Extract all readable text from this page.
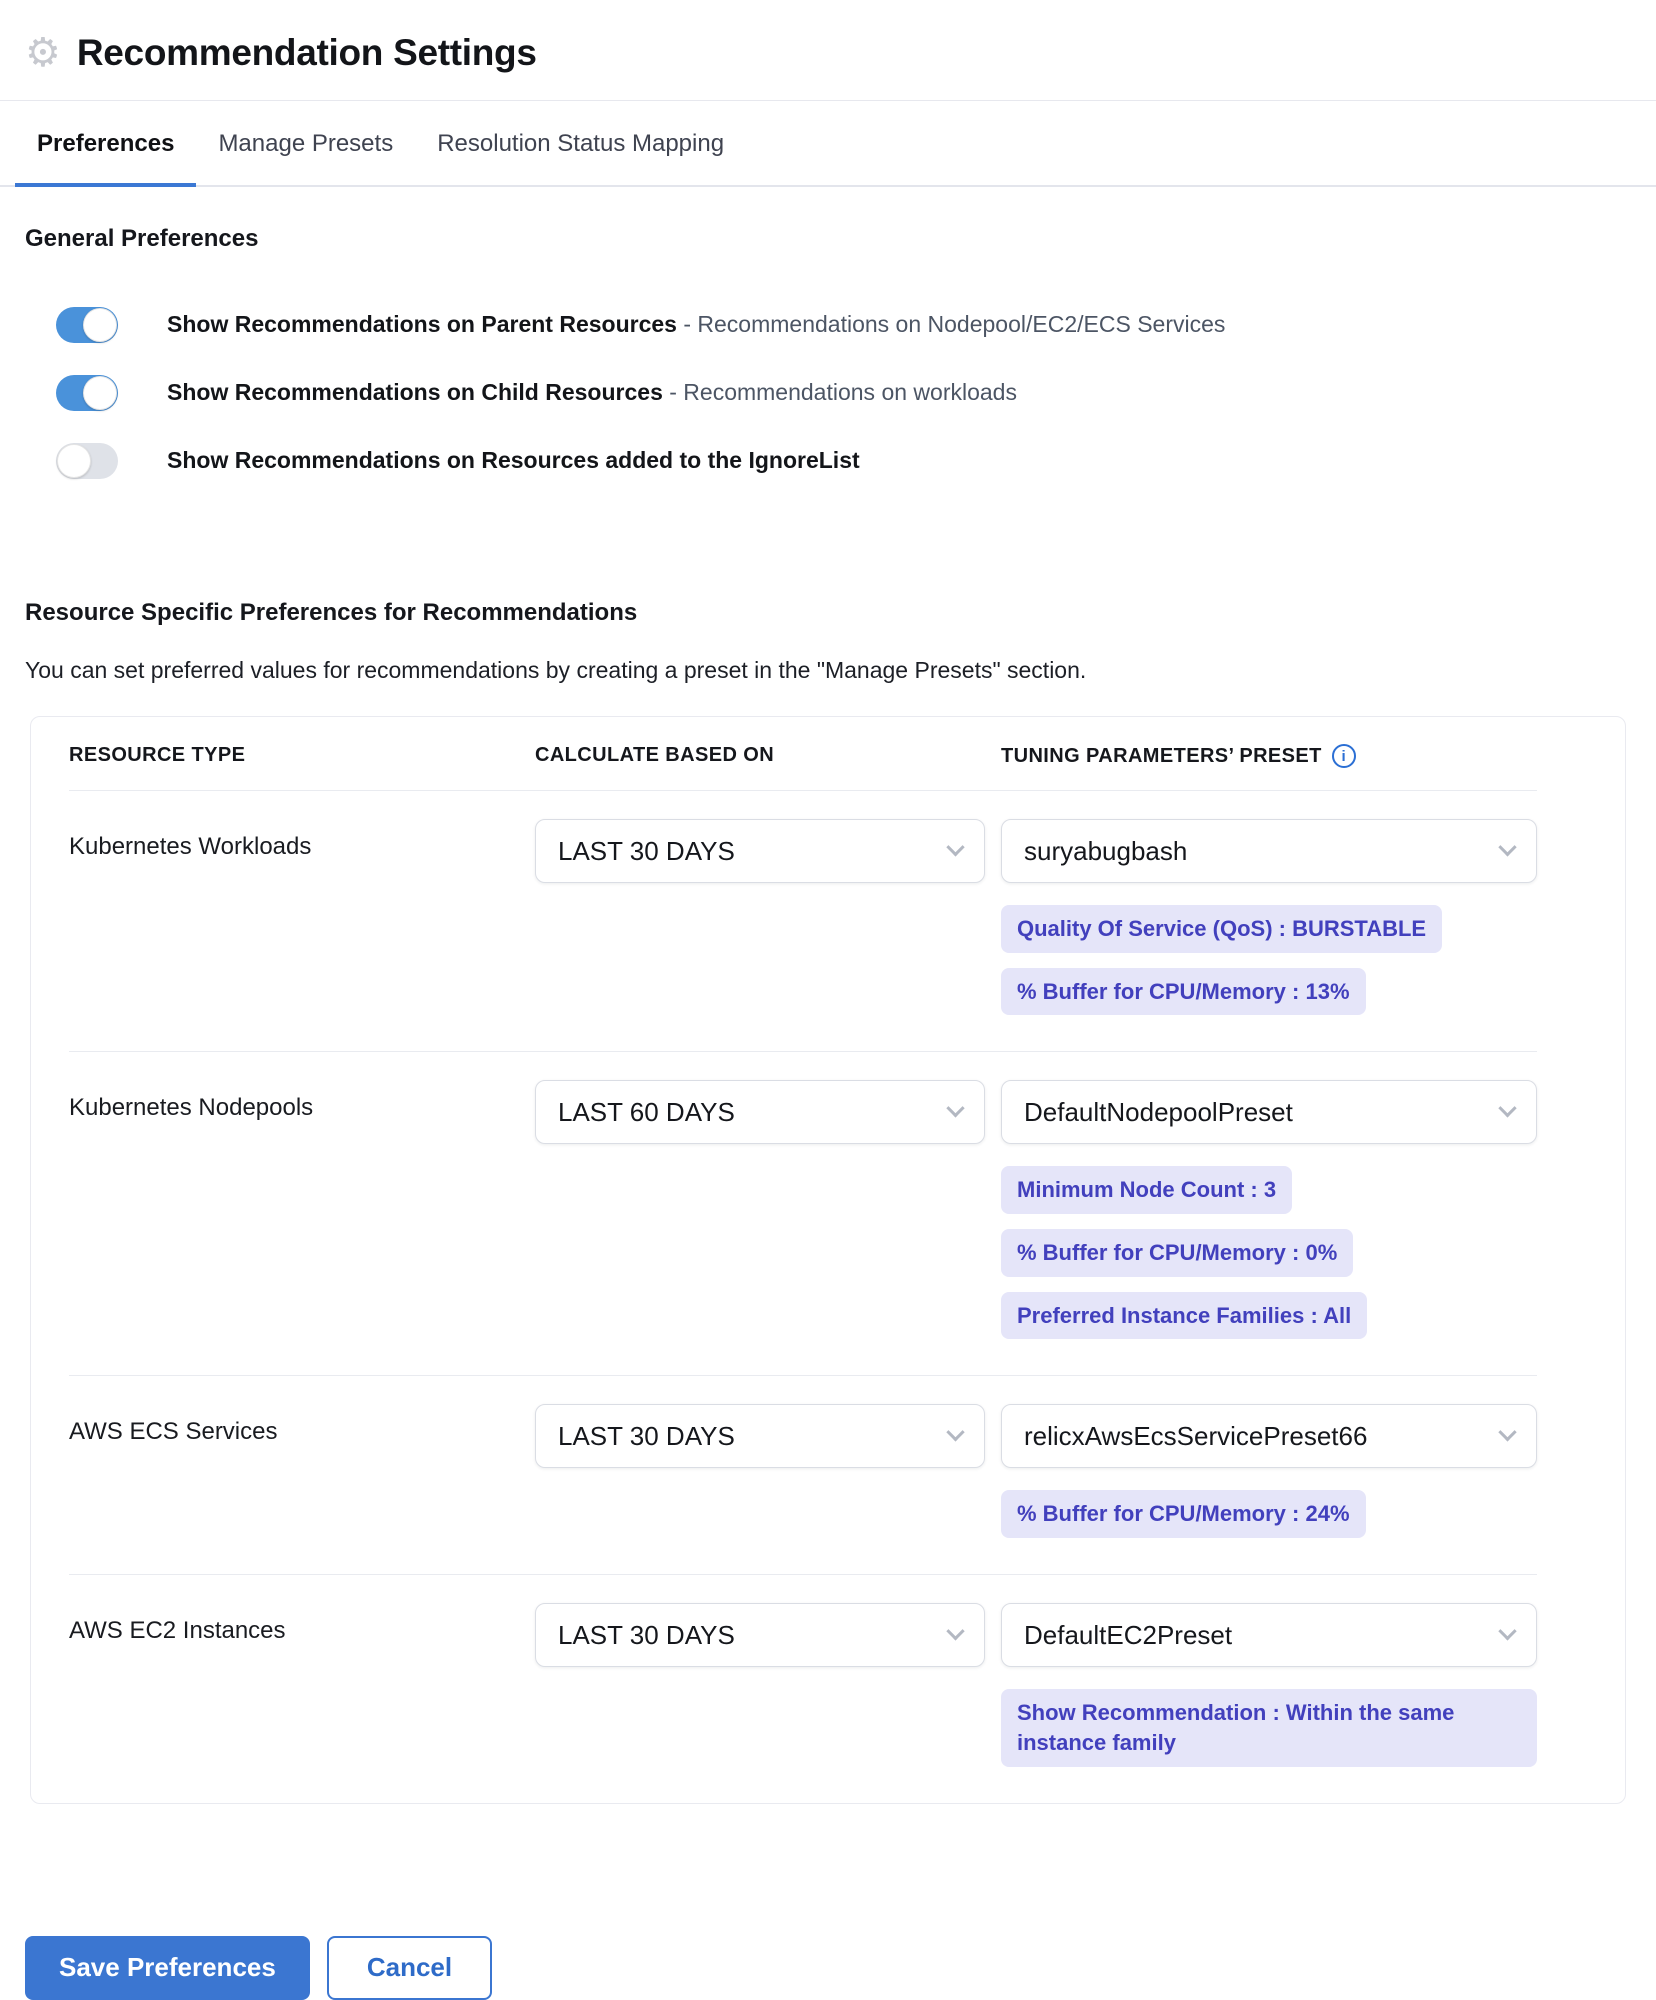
⚙ Recommendation Settings
Preferences	Manage Presets	Resolution Status Mapping
General Preferences
Show Recommendations on Parent Resources - Recommendations on Nodepool/EC2/ECS Services
Show Recommendations on Child Resources - Recommendations on workloads
Show Recommendations on Resources added to the IgnoreList
Resource Specific Preferences for Recommendations

You can set preferred values for recommendations by creating a preset in the "Manage Presets" section.

RESOURCE TYPE	CALCULATE BASED ON	TUNING PARAMETERS’ PRESET	i
Kubernetes Workloads	LAST 30 DAYS	suryabugbash
Quality Of Service (QoS) : BURSTABLE
% Buffer for CPU/Memory : 13%
Kubernetes Nodepools	LAST 60 DAYS	DefaultNodepoolPreset
Minimum Node Count : 3
% Buffer for CPU/Memory : 0%
Preferred Instance Families : All
AWS ECS Services	LAST 30 DAYS	relicxAwsEcsServicePreset66
% Buffer for CPU/Memory : 24%
AWS EC2 Instances	LAST 30 DAYS	DefaultEC2Preset
Show Recommendation : Within the same instance family
Save Preferences	Cancel
